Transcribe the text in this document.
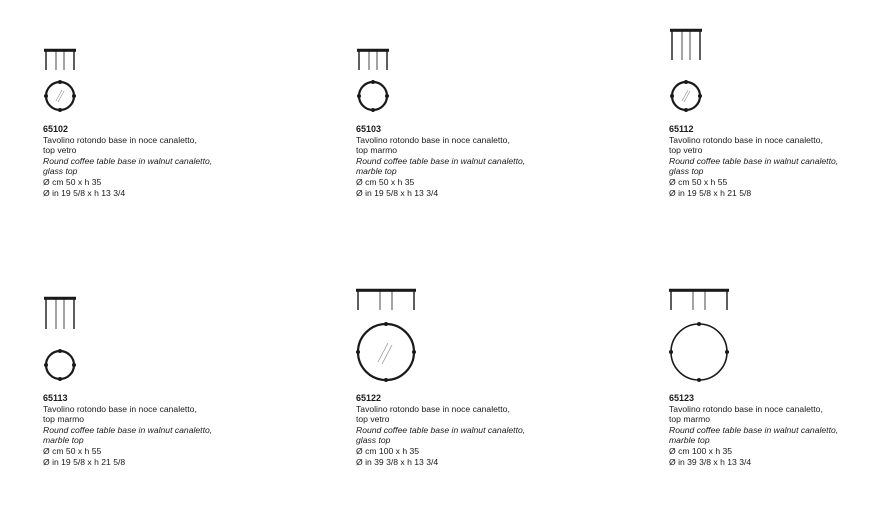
65102
Tavolino rotondo base in noce canaletto,
top vetro
Round coffee table base in walnut canaletto,
glass top
Ø cm 50 x h 35
Ø in 19 5/8 x h 13 3/4
65103
Tavolino rotondo base in noce canaletto,
top marmo
Round coffee table base in walnut canaletto,
marble top
Ø cm 50 x h 35
Ø in 19 5/8 x h 13 3/4
65112
Tavolino rotondo base in noce canaletto,
top vetro
Round coffee table base in walnut canaletto,
glass top
Ø cm 50 x h 55
Ø in 19 5/8 x h 21 5/8
65113
Tavolino rotondo base in noce canaletto,
top marmo
Round coffee table base in walnut canaletto,
marble top
Ø cm 50 x h 55
Ø in 19 5/8 x h 21 5/8
65122
Tavolino rotondo base in noce canaletto,
top vetro
Round coffee table base in walnut canaletto,
glass top
Ø cm 100 x h 35
Ø in 39 3/8 x h 13 3/4
65123
Tavolino rotondo base in noce canaletto,
top marmo
Round coffee table base in walnut canaletto,
marble top
Ø cm 100 x h 35
Ø in 39 3/8 x h 13 3/4
